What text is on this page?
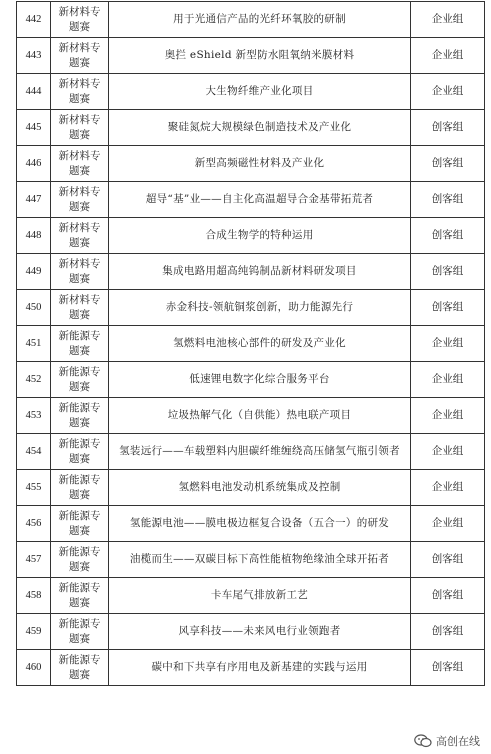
442	新材料专题赛	用于光通信产品的光纤环氧胶的研制	企业组
443	新材料专题赛	奥拦 eShield 新型防水阻氧纳米膜材料	企业组
444	新材料专题赛	大生物纤维产业化项目	企业组
445	新材料专题赛	聚硅氮烷大规模绿色制造技术及产业化	创客组
446	新材料专题赛	新型高频磁性材料及产业化	创客组
447	新材料专题赛	超导“基”业——自主化高温超导合金基带拓荒者	创客组
448	新材料专题赛	合成生物学的特种运用	创客组
449	新材料专题赛	集成电路用超高纯钨制品新材料研发项目	创客组
450	新材料专题赛	赤金科技-领航铜浆创新，助力能源先行	创客组
451	新能源专题赛	氢燃料电池核心部件的研发及产业化	企业组
452	新能源专题赛	低速锂电数字化综合服务平台	企业组
453	新能源专题赛	垃圾热解气化（自供能）热电联产项目	企业组
454	新能源专题赛	氢装远行——车载塑料内胆碳纤维缠绕高压储氢气瓶引领者	企业组
455	新能源专题赛	氢燃料电池发动机系统集成及控制	企业组
456	新能源专题赛	氢能源电池——膜电极边框复合设备（五合一）的研发	企业组
457	新能源专题赛	油榄而生——双碳目标下高性能植物绝缘油全球开拓者	创客组
458	新能源专题赛	卡车尾气排放新工艺	创客组
459	新能源专题赛	风享科技——未来风电行业领跑者	创客组
460	新能源专题赛	碳中和下共享有序用电及新基建的实践与运用	创客组
高创在线
